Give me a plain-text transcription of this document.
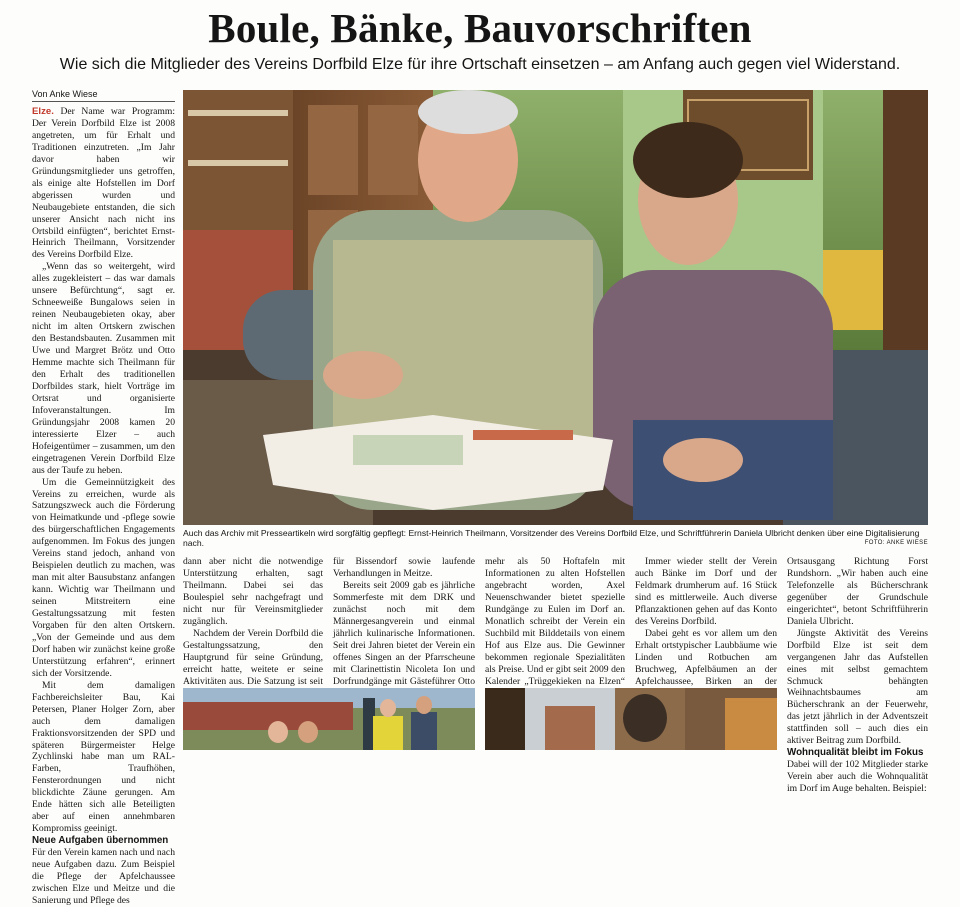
Boule, Bänke, Bauvorschriften

Wie sich die Mitglieder des Vereins Dorfbild Elze für ihre Ortschaft einsetzen – am Anfang auch gegen viel Widerstand.

Von Anke Wiese

Elze. Der Name war Programm: Der Verein Dorfbild Elze ist 2008 angetreten, um für Erhalt und Traditionen einzutreten. „Im Jahr davor haben wir Gründungsmitglieder uns getroffen, als einige alte Hofstellen im Dorf abgerissen wurden und Neubaugebiete entstanden, die sich unserer Ansicht nach nicht ins Ortsbild einfügten“, berichtet Ernst-Heinrich Theilmann, Vorsitzender des Vereins Dorfbild Elze.

„Wenn das so weitergeht, wird alles zugekleistert – das war damals unsere Befürchtung“, sagt er. Schneeweiße Bungalows seien in reinen Neubaugebieten okay, aber nicht im alten Ortskern zwischen den Bestandsbauten. Zusammen mit Uwe und Margret Brötz und Otto Hemme machte sich Theilmann für den Erhalt des traditionellen Dorfbildes stark, hielt Vorträge im Ortsrat und organisierte Infoveranstaltungen. Im Gründungsjahr 2008 kamen 20 interessierte Elzer – auch Hofeigentümer – zusammen, um den eingetragenen Verein Dorfbild Elze aus der Taufe zu heben.

Um die Gemeinnützigkeit des Vereins zu erreichen, wurde als Satzungszweck auch die Förderung von Heimatkunde und -pflege sowie des bürgerschaftlichen Engagements aufgenommen. Im Fokus des jungen Vereins stand jedoch, anhand von Beispielen deutlich zu machen, was man mit alter Bausubstanz anfangen kann. Wichtig war Theilmann und seinen Mitstreitern eine Gestaltungssatzung mit festen Vorgaben für den alten Ortskern. „Von der Gemeinde und aus dem Dorf haben wir zunächst keine große Unterstützung erfahren“, erinnert sich der Vorsitzende.

Mit dem damaligen Fachbereichsleiter Bau, Kai Petersen, Planer Holger Zorn, aber auch dem damaligen Fraktionsvorsitzenden der SPD und späteren Bürgermeister Helge Zychlinski habe man um RAL-Farben, Traufhöhen, Fensterordnungen und nicht blickdichte Zäune gerungen. Am Ende hätten sich alle Beteiligten aber auf einen annehmbaren Kompromiss geeinigt.

Neue Aufgaben übernommen

Für den Verein kamen nach und nach neue Aufgaben dazu. Zum Beispiel die Pflege der Apfelchaussee zwischen Elze und Meitze und die Sanierung und Pflege des

Auch das Archiv mit Presseartikeln wird sorgfältig gepflegt: Ernst-Heinrich Theilmann, Vorsitzender des Vereins Dorfbild Elze, und Schriftführerin Daniela Ulbricht denken über eine Digitalisierung nach.	FOTO: ANKE WIESE

dann aber nicht die notwendige Unterstützung erhalten, sagt Theilmann. Dabei sei das Boulespiel sehr nachgefragt und nicht nur für Vereinsmitglieder zugänglich.

Nachdem der Verein Dorfbild die Gestaltungssatzung, den Hauptgrund für seine Gründung, erreicht hatte, weitete er seine Aktivitäten aus. Die Satzung ist seit

für Bissendorf sowie laufende Verhandlungen in Meitze.

Bereits seit 2009 gab es jährliche Sommerfeste mit dem DRK und zunächst noch mit dem Männergesangverein und einmal jährlich kulinarische Informationen. Seit drei Jahren bietet der Verein ein offenes Singen an der Pfarrscheune mit Clarinettistin Nicoleta Ion und Dorfrundgänge mit Gästeführer Otto

mehr als 50 Hoftafeln mit Informationen zu alten Hofstellen angebracht worden, Axel Neuenschwander bietet spezielle Rundgänge zu Eulen im Dorf an. Monatlich schreibt der Verein ein Suchbild mit Bilddetails von einem Hof aus Elze aus. Die Gewinner bekommen regionale Spezialitäten als Preise. Und er gibt seit 2009 den Kalender „Trüggekieken na Elzen“

Immer wieder stellt der Verein auch Bänke im Dorf und der Feldmark drumherum auf. 16 Stück sind es mittlerweile. Auch diverse Pflanzaktionen gehen auf das Konto des Vereins Dorfbild.

Dabei geht es vor allem um den Erhalt ortstypischer Laubbäume wie Linden und Rotbuchen am Bruchweg, Apfelbäumen an der Apfelchaussee, Birken an der

Ortsausgang Richtung Forst Rundshorn. „Wir haben auch eine Telefonzelle als Bücherschrank gegenüber der Grundschule eingerichtet“, betont Schriftführerin Daniela Ulbricht.

Jüngste Aktivität des Vereins Dorfbild Elze ist seit dem vergangenen Jahr das Aufstellen eines mit selbst gemachtem Schmuck behängten Weihnachtsbaumes am Bücherschrank an der Feuerwehr, das jetzt jährlich in der Adventszeit stattfinden soll – auch dies ein aktiver Beitrag zum Dorfbild.

Wohnqualität bleibt im Fokus

Dabei will der 102 Mitglieder starke Verein aber auch die Wohnqualität im Dorf im Auge behalten. Beispiel:
